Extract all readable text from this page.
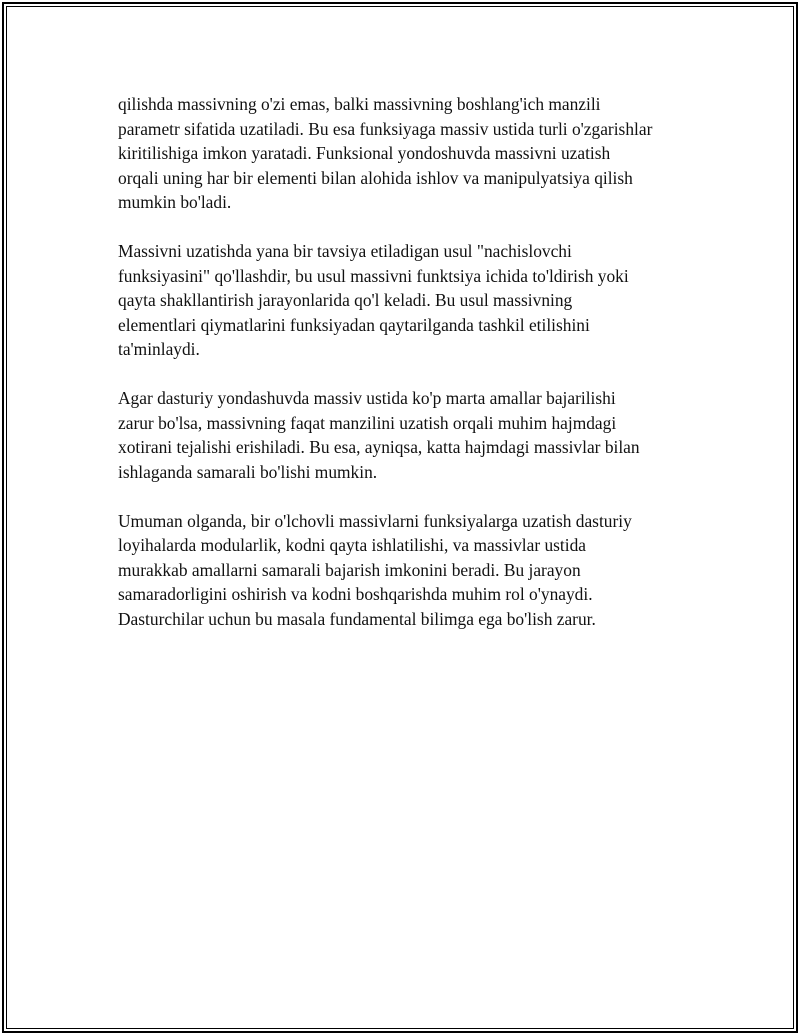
qilishda massivning o'zi emas, balki massivning boshlang'ich manzili
parametr sifatida uzatiladi. Bu esa funksiyaga massiv ustida turli o'zgarishlar
kiritilishiga imkon yaratadi. Funksional yondoshuvda massivni uzatish
orqali uning har bir elementi bilan alohida ishlov va manipulyatsiya qilish
mumkin bo'ladi.

Massivni uzatishda yana bir tavsiya etiladigan usul "nachislovchi
funksiyasini" qo'llashdir, bu usul massivni funktsiya ichida to'ldirish yoki
qayta shakllantirish jarayonlarida qo'l keladi. Bu usul massivning
elementlari qiymatlarini funksiyadan qaytarilganda tashkil etilishini
ta'minlaydi.

Agar dasturiy yondashuvda massiv ustida ko'p marta amallar bajarilishi
zarur bo'lsa, massivning faqat manzilini uzatish orqali muhim hajmdagi
xotirani tejalishi erishiladi. Bu esa, ayniqsa, katta hajmdagi massivlar bilan
ishlaganda samarali bo'lishi mumkin.

Umuman olganda, bir o'lchovli massivlarni funksiyalarga uzatish dasturiy
loyihalarda modularlik, kodni qayta ishlatilishi, va massivlar ustida
murakkab amallarni samarali bajarish imkonini beradi. Bu jarayon
samaradorligini oshirish va kodni boshqarishda muhim rol o'ynaydi.
Dasturchilar uchun bu masala fundamental bilimga ega bo'lish zarur.
